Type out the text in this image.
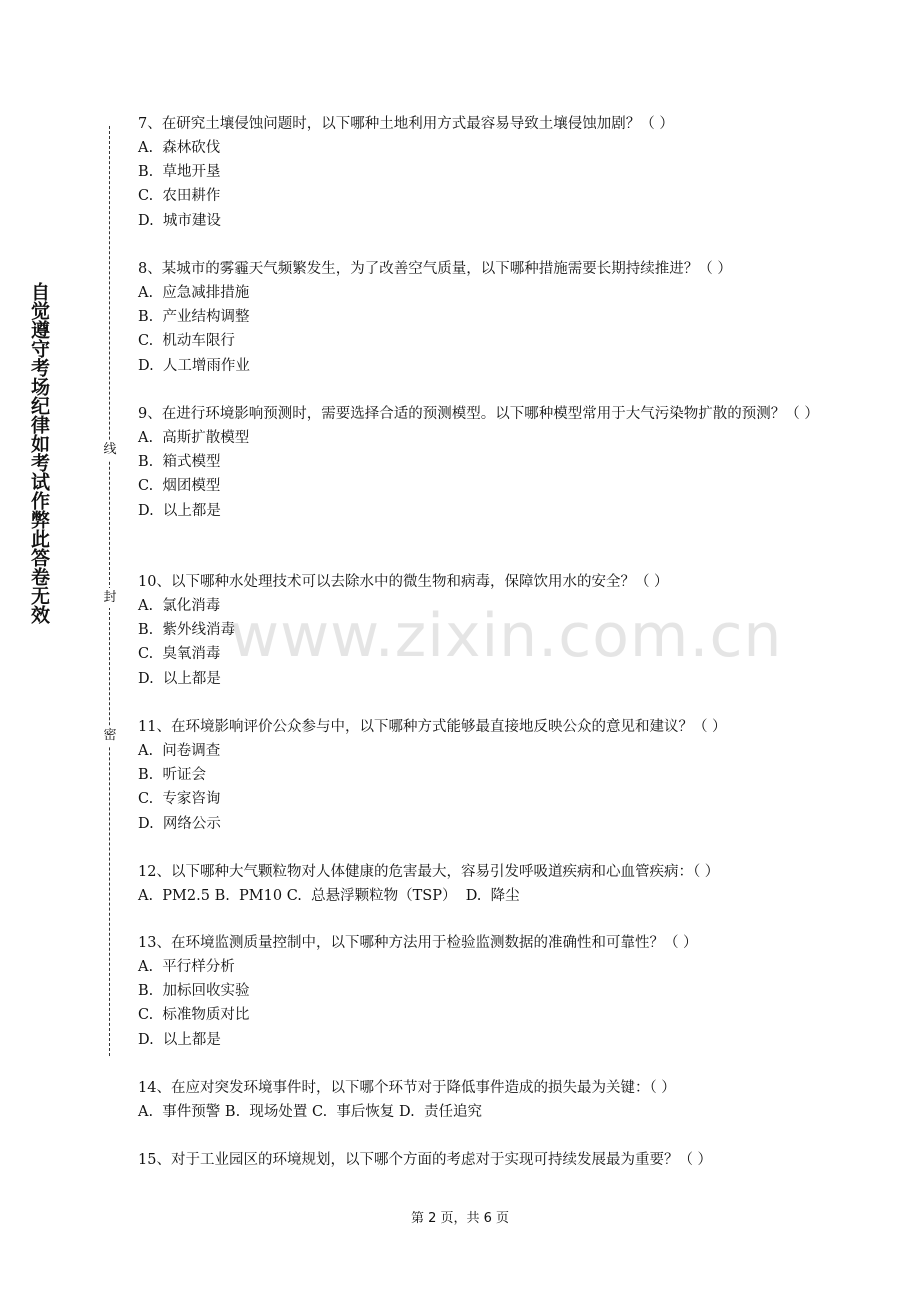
自觉遵守考场纪律如考试作弊此答卷无效	线
封
密
www.zixin.com.cn
7、在研究土壤侵蚀问题时，以下哪种土地利用方式最容易导致土壤侵蚀加剧？（ ）
A.  森林砍伐
B.  草地开垦
C.  农田耕作
D.  城市建设
8、某城市的雾霾天气频繁发生，为了改善空气质量，以下哪种措施需要长期持续推进？（ ）
A.  应急减排措施
B.  产业结构调整
C.  机动车限行
D.  人工增雨作业
9、在进行环境影响预测时，需要选择合适的预测模型。以下哪种模型常用于大气污染物扩散的预测？（ ）
A.  高斯扩散模型
B.  箱式模型
C.  烟团模型
D.  以上都是
10、以下哪种水处理技术可以去除水中的微生物和病毒，保障饮用水的安全？（ ）
A.  氯化消毒
B.  紫外线消毒
C.  臭氧消毒
D.  以上都是
11、在环境影响评价公众参与中，以下哪种方式能够最直接地反映公众的意见和建议？（ ）
A.  问卷调查
B.  听证会
C.  专家咨询
D.  网络公示
12、以下哪种大气颗粒物对人体健康的危害最大，容易引发呼吸道疾病和心血管疾病：（ ）
A.  PM2.5 B.  PM10 C.  总悬浮颗粒物（TSP）  D.  降尘
13、在环境监测质量控制中，以下哪种方法用于检验监测数据的准确性和可靠性？（ ）
A.  平行样分析
B.  加标回收实验
C.  标准物质对比
D.  以上都是
14、在应对突发环境事件时，以下哪个环节对于降低事件造成的损失最为关键：（ ）
A.  事件预警 B.  现场处置 C.  事后恢复 D.  责任追究
15、对于工业园区的环境规划，以下哪个方面的考虑对于实现可持续发展最为重要？（ ）
第 2 页，共 6 页
